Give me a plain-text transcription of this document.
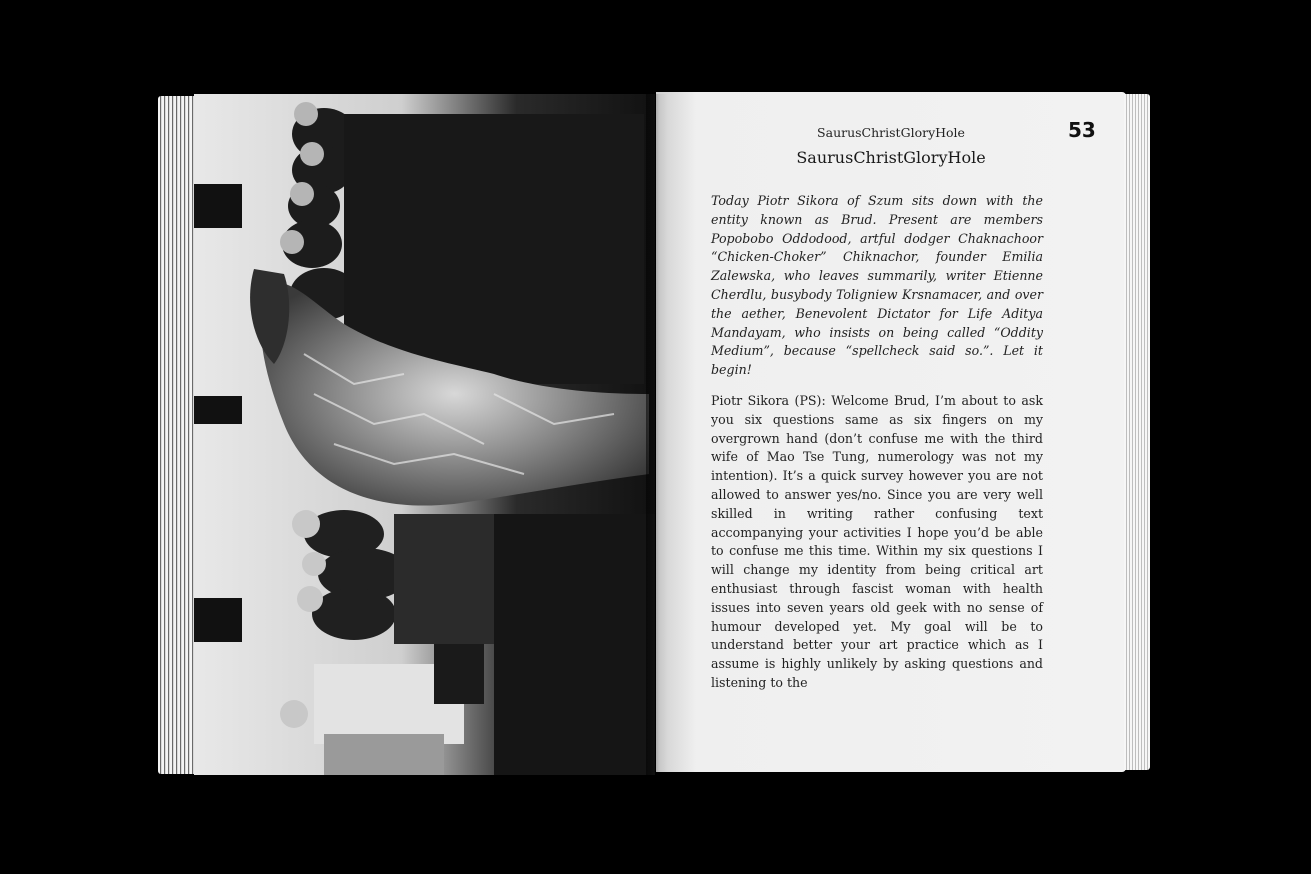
SaurusChristGloryHole	53
SaurusChristGloryHole

Today Piotr Sikora of Szum sits down with the entity known as Brud. Present are members Popobobo Oddodood, artful dodger Chaknachoor “Chicken-Choker” Chiknachor, founder Emilia Zalewska, who leaves summarily, writer Etienne Cherdlu, busybody Toligniew Krsnamacer, and over the aether, Benevolent Dictator for Life Aditya Mandayam, who insists on being called “Oddity Medium”, because “spellcheck said so.”. Let it begin!

Piotr Sikora (PS): Welcome Brud, I’m about to ask you six questions same as six fingers on my overgrown hand (don’t confuse me with the third wife of Mao Tse Tung, numerology was not my intention). It’s a quick survey however you are not allowed to answer yes/no. Since you are very well skilled in writing rather confusing text accompanying your activities I hope you’d be able to confuse me this time. Within my six questions I will change my identity from being critical art enthusiast through fascist woman with health issues into seven years old geek with no sense of humour developed yet. My goal will be to understand better your art practice which as I assume is highly unlikely by asking questions and listening to the
